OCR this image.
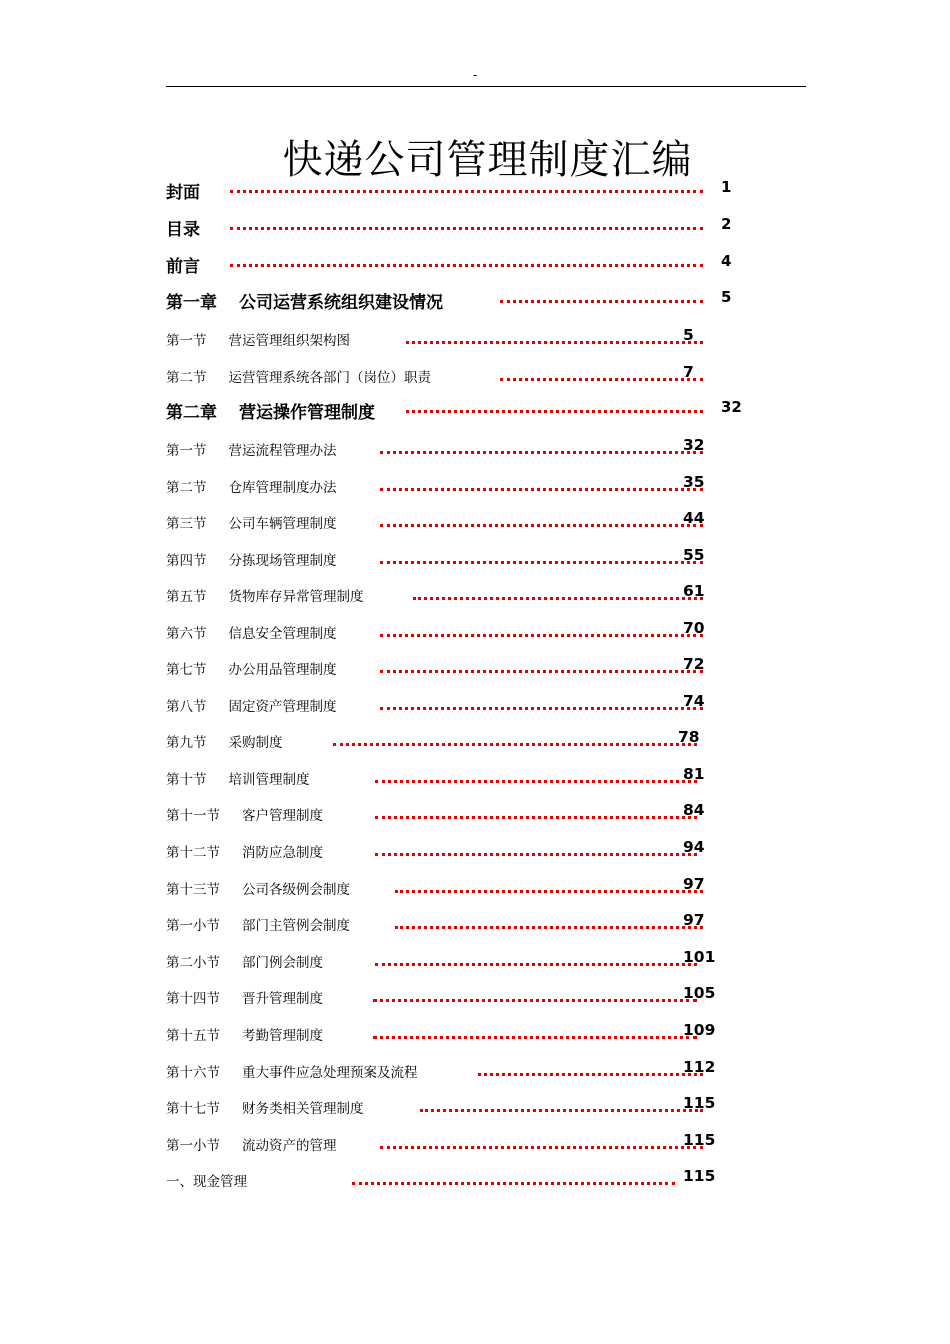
-
快递公司管理制度汇编
封面	1
目录	2
前言	4
第一章 公司运营系统组织建设情况	5
第一节 营运管理组织架构图	5
第二节 运营管理系统各部门（岗位）职责	7
第二章 营运操作管理制度	32
第一节 营运流程管理办法	32
第二节 仓库管理制度办法	35
第三节 公司车辆管理制度	44
第四节 分拣现场管理制度	55
第五节 货物库存异常管理制度	61
第六节 信息安全管理制度	70
第七节 办公用品管理制度	72
第八节 固定资产管理制度	74
第九节 采购制度	78
第十节 培训管理制度	81
第十一节 客户管理制度	84
第十二节 消防应急制度	94
第十三节 公司各级例会制度	97
第一小节 部门主管例会制度	97
第二小节 部门例会制度	101
第十四节 晋升管理制度	105
第十五节 考勤管理制度	109
第十六节 重大事件应急处理预案及流程	112
第十七节 财务类相关管理制度	115
第一小节 流动资产的管理	115
一、现金管理	115
